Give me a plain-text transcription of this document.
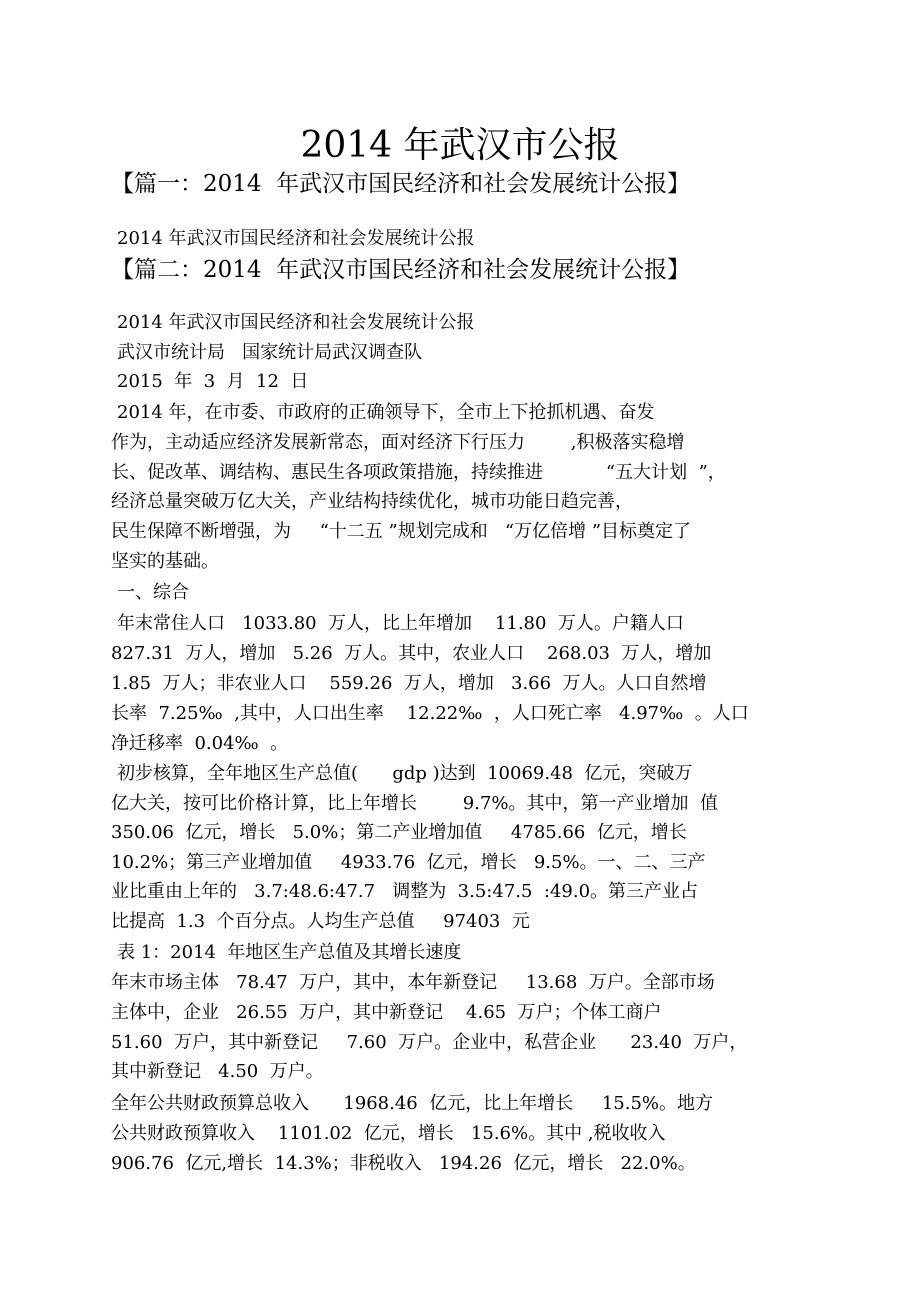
2014 年武汉市公报
【篇一：2014  年武汉市国民经济和社会发展统计公报】
2014 年武汉市国民经济和社会发展统计公报
【篇二：2014  年武汉市国民经济和社会发展统计公报】
2014 年武汉市国民经济和社会发展统计公报
武汉市统计局   国家统计局武汉调查队
2015  年  3  月  12  日
2014 年，在市委、市政府的正确领导下，全市上下抢抓机遇、奋发
作为，主动适应经济发展新常态，面对经济下行压力        ,积极落实稳增
长、促改革、调结构、惠民生各项政策措施，持续推进           “五大计划  ”，
经济总量突破万亿大关，产业结构持续优化，城市功能日趋完善，
民生保障不断增强，为     “十二五 ”规划完成和   “万亿倍增 ”目标奠定了
坚实的基础。
一、综合
年末常住人口   1033.80  万人，比上年增加    11.80  万人。户籍人口
827.31  万人，增加   5.26  万人。其中，农业人口    268.03  万人，增加
1.85  万人；非农业人口    559.26  万人，增加   3.66  万人。人口自然增
长率  7.25‰  ,其中，人口出生率    12.22‰  ，人口死亡率   4.97‰  。人口
净迁移率  0.04‰  。
初步核算，全年地区生产总值(      gdp )达到  10069.48  亿元，突破万
亿大关，按可比价格计算，比上年增长        9.7%。其中，第一产业增加  值
350.06  亿元，增长   5.0%；第二产业增加值     4785.66  亿元，增长
10.2%；第三产业增加值     4933.76  亿元，增长   9.5%。一、二、三产
业比重由上年的   3.7:48.6:47.7   调整为  3.5:47.5  :49.0。第三产业占
比提高  1.3  个百分点。人均生产总值     97403  元
表 1：2014  年地区生产总值及其增长速度
年末市场主体   78.47  万户，其中，本年新登记     13.68  万户。全部市场
主体中，企业   26.55  万户，其中新登记    4.65  万户；个体工商户
51.60  万户，其中新登记     7.60  万户。企业中，私营企业      23.40  万户，
其中新登记   4.50  万户。
全年公共财政预算总收入      1968.46  亿元，比上年增长     15.5%。地方
公共财政预算收入    1101.02  亿元，增长   15.6%。其中 ,税收收入
906.76  亿元,增长  14.3%；非税收入   194.26  亿元，增长   22.0%。
